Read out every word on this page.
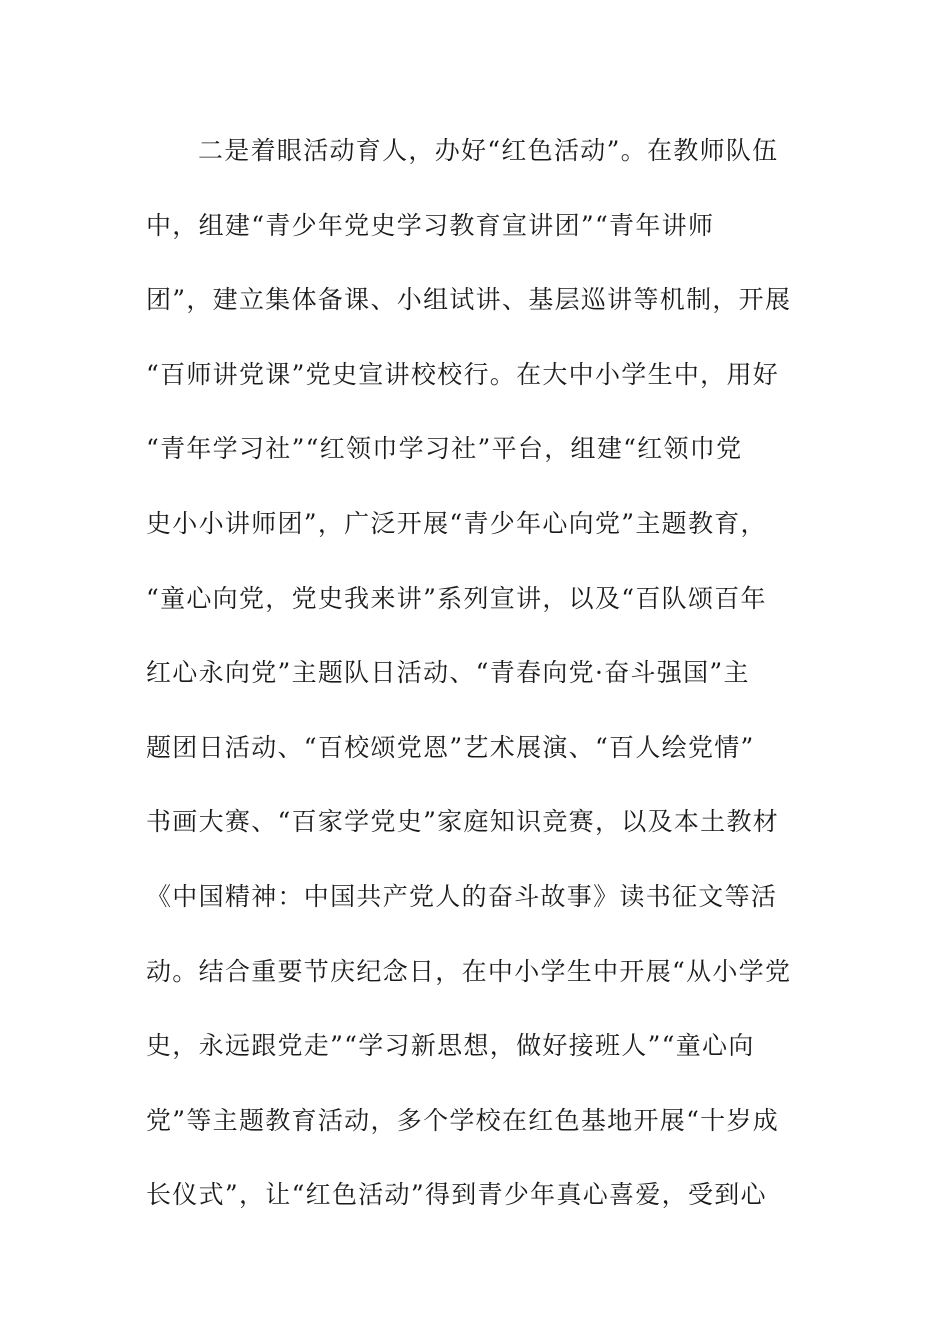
二是着眼活动育人，办好“红色活动”。在教师队伍
中，组建“青少年党史学习教育宣讲团”“青年讲师
团”，建立集体备课、小组试讲、基层巡讲等机制，开展
“百师讲党课”党史宣讲校校行。在大中小学生中，用好
“青年学习社”“红领巾学习社”平台，组建“红领巾党
史小小讲师团”，广泛开展“青少年心向党”主题教育，
“童心向党，党史我来讲”系列宣讲，以及“百队颂百年
红心永向党”主题队日活动、“青春向党·奋斗强国”主
题团日活动、“百校颂党恩”艺术展演、“百人绘党情”
书画大赛、“百家学党史”家庭知识竞赛，以及本土教材
《中国精神：中国共产党人的奋斗故事》读书征文等活
动。结合重要节庆纪念日，在中小学生中开展“从小学党
史，永远跟党走”“学习新思想，做好接班人”“童心向
党”等主题教育活动，多个学校在红色基地开展“十岁成
长仪式”，让“红色活动”得到青少年真心喜爱，受到心
